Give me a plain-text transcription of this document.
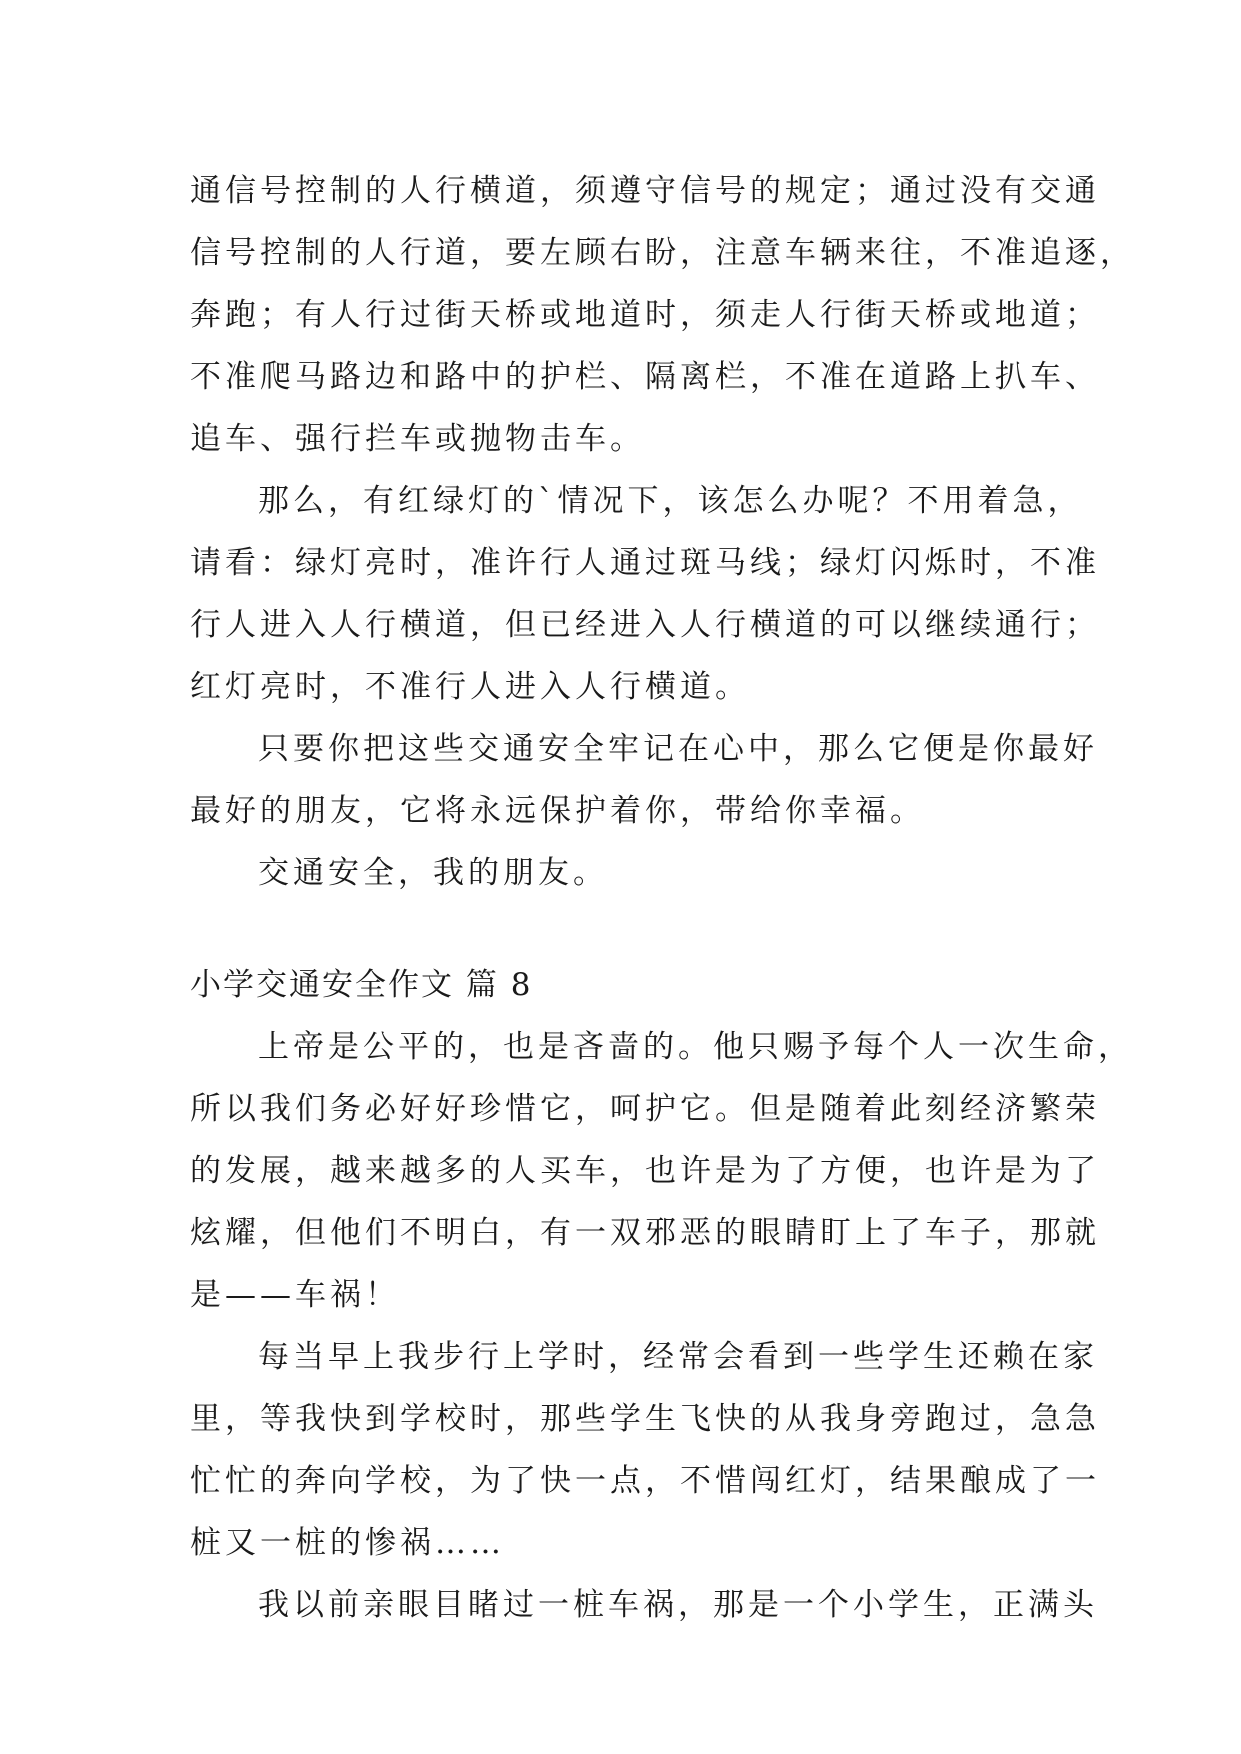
通信号控制的人行横道，须遵守信号的规定；通过没有交通
信号控制的人行道，要左顾右盼，注意车辆来往，不准追逐，
奔跑；有人行过街天桥或地道时，须走人行街天桥或地道；
不准爬马路边和路中的护栏、隔离栏，不准在道路上扒车、
追车、强行拦车或抛物击车。
那么，有红绿灯的`情况下，该怎么办呢？不用着急，
请看：绿灯亮时，准许行人通过斑马线；绿灯闪烁时，不准
行人进入人行横道，但已经进入人行横道的可以继续通行；
红灯亮时，不准行人进入人行横道。
只要你把这些交通安全牢记在心中，那么它便是你最好
最好的朋友，它将永远保护着你，带给你幸福。
交通安全，我的朋友。
小学交通安全作文 篇 8
上帝是公平的，也是吝啬的。他只赐予每个人一次生命，
所以我们务必好好珍惜它，呵护它。但是随着此刻经济繁荣
的发展，越来越多的人买车，也许是为了方便，也许是为了
炫耀，但他们不明白，有一双邪恶的眼睛盯上了车子，那就
是——车祸！
每当早上我步行上学时，经常会看到一些学生还赖在家
里，等我快到学校时，那些学生飞快的从我身旁跑过，急急
忙忙的奔向学校，为了快一点，不惜闯红灯，结果酿成了一
桩又一桩的惨祸……
我以前亲眼目睹过一桩车祸，那是一个小学生，正满头
